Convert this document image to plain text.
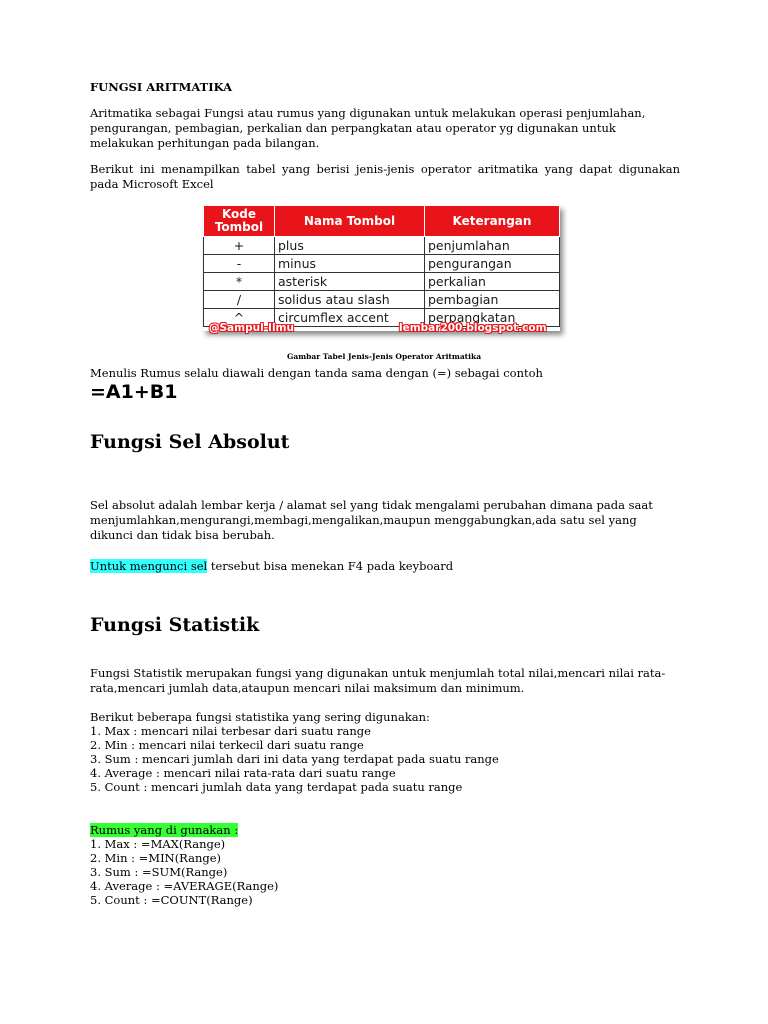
FUNGSI ARITMATIKA

Aritmatika sebagai Fungsi atau rumus yang digunakan untuk melakukan operasi penjumlahan, pengurangan, pembagian, perkalian dan perpangkatan atau operator yg digunakan untuk melakukan perhitungan pada bilangan.

Berikut ini menampilkan tabel yang berisi jenis-jenis operator aritmatika yang dapat digunakan pada Microsoft Excel

Kode Tombol	Nama Tombol	Keterangan
+	plus	penjumlahan
-	minus	pengurangan
*	asterisk	perkalian
/	solidus atau slash	pembagian
^	circumflex accent	perpangkatan
@Sampul-Ilmu	lembar200.blogspot.com

Gambar Tabel Jenis-Jenis Operator Aritmatika

Menulis Rumus selalu diawali dengan tanda sama dengan (=) sebagai contoh

=A1+B1

Fungsi Sel Absolut

Sel absolut adalah lembar kerja / alamat sel yang tidak mengalami perubahan dimana pada saat menjumlahkan,mengurangi,membagi,mengalikan,maupun menggabungkan,ada satu sel yang dikunci dan tidak bisa berubah.

Untuk mengunci sel tersebut bisa menekan F4 pada keyboard

Fungsi Statistik

Fungsi Statistik merupakan fungsi yang digunakan untuk menjumlah total nilai,mencari nilai rata-rata,mencari jumlah data,ataupun mencari nilai maksimum dan minimum.

Berikut beberapa fungsi statistika yang sering digunakan:

1. Max : mencari nilai terbesar dari suatu range
2. Min : mencari nilai terkecil dari suatu range
3. Sum : mencari jumlah dari ini data yang terdapat pada suatu range
4. Average : mencari nilai rata-rata dari suatu range
5. Count : mencari jumlah data yang terdapat pada suatu range

Rumus yang di gunakan :

1. Max : =MAX(Range)
2. Min : =MIN(Range)
3. Sum : =SUM(Range)
4. Average : =AVERAGE(Range)
5. Count : =COUNT(Range)
